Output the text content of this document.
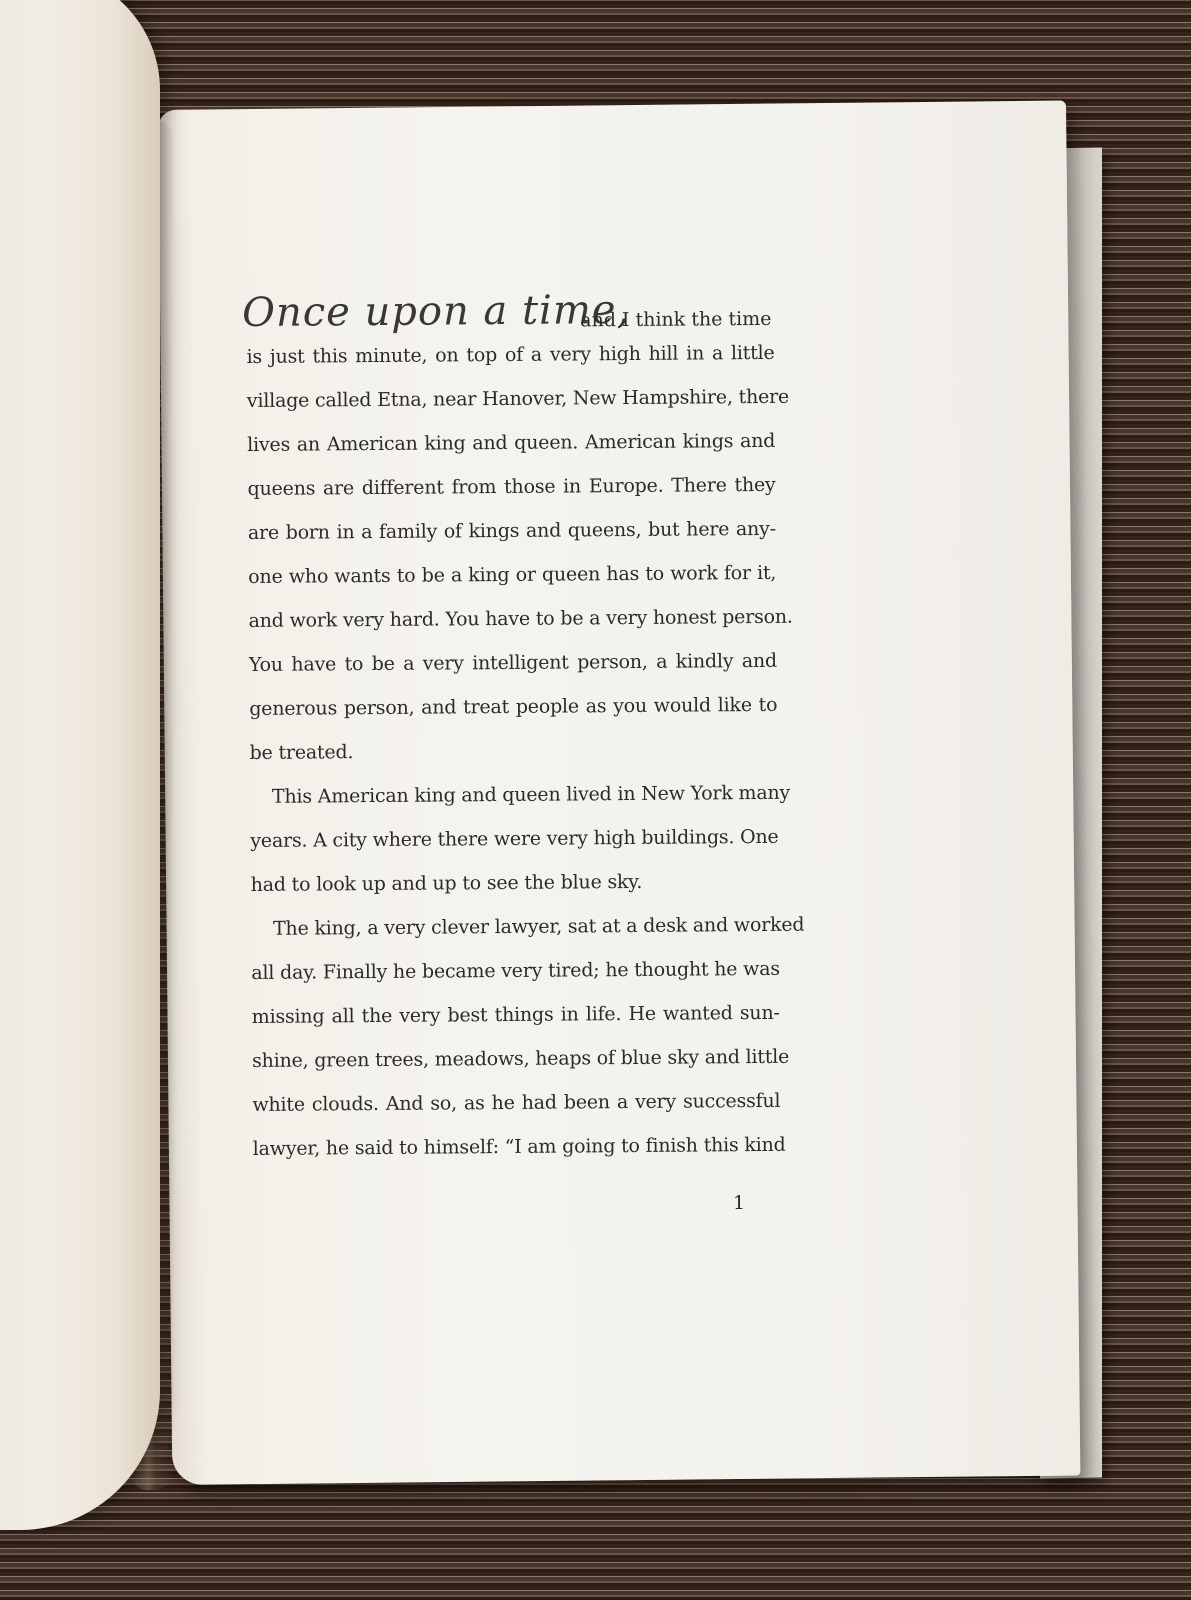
Once upon a time,
and I think the time
is just this minute, on top of a very high hill in a little
village called Etna, near Hanover, New Hampshire, there
lives an American king and queen. American kings and
queens are different from those in Europe. There they
are born in a family of kings and queens, but here any-
one who wants to be a king or queen has to work for it,
and work very hard. You have to be a very honest person.
You have to be a very intelligent person, a kindly and
generous person, and treat people as you would like to
be treated.
This American king and queen lived in New York many
years. A city where there were very high buildings. One
had to look up and up to see the blue sky.
The king, a very clever lawyer, sat at a desk and worked
all day. Finally he became very tired; he thought he was
missing all the very best things in life. He wanted sun-
shine, green trees, meadows, heaps of blue sky and little
white clouds. And so, as he had been a very successful
lawyer, he said to himself: “I am going to finish this kind
1
